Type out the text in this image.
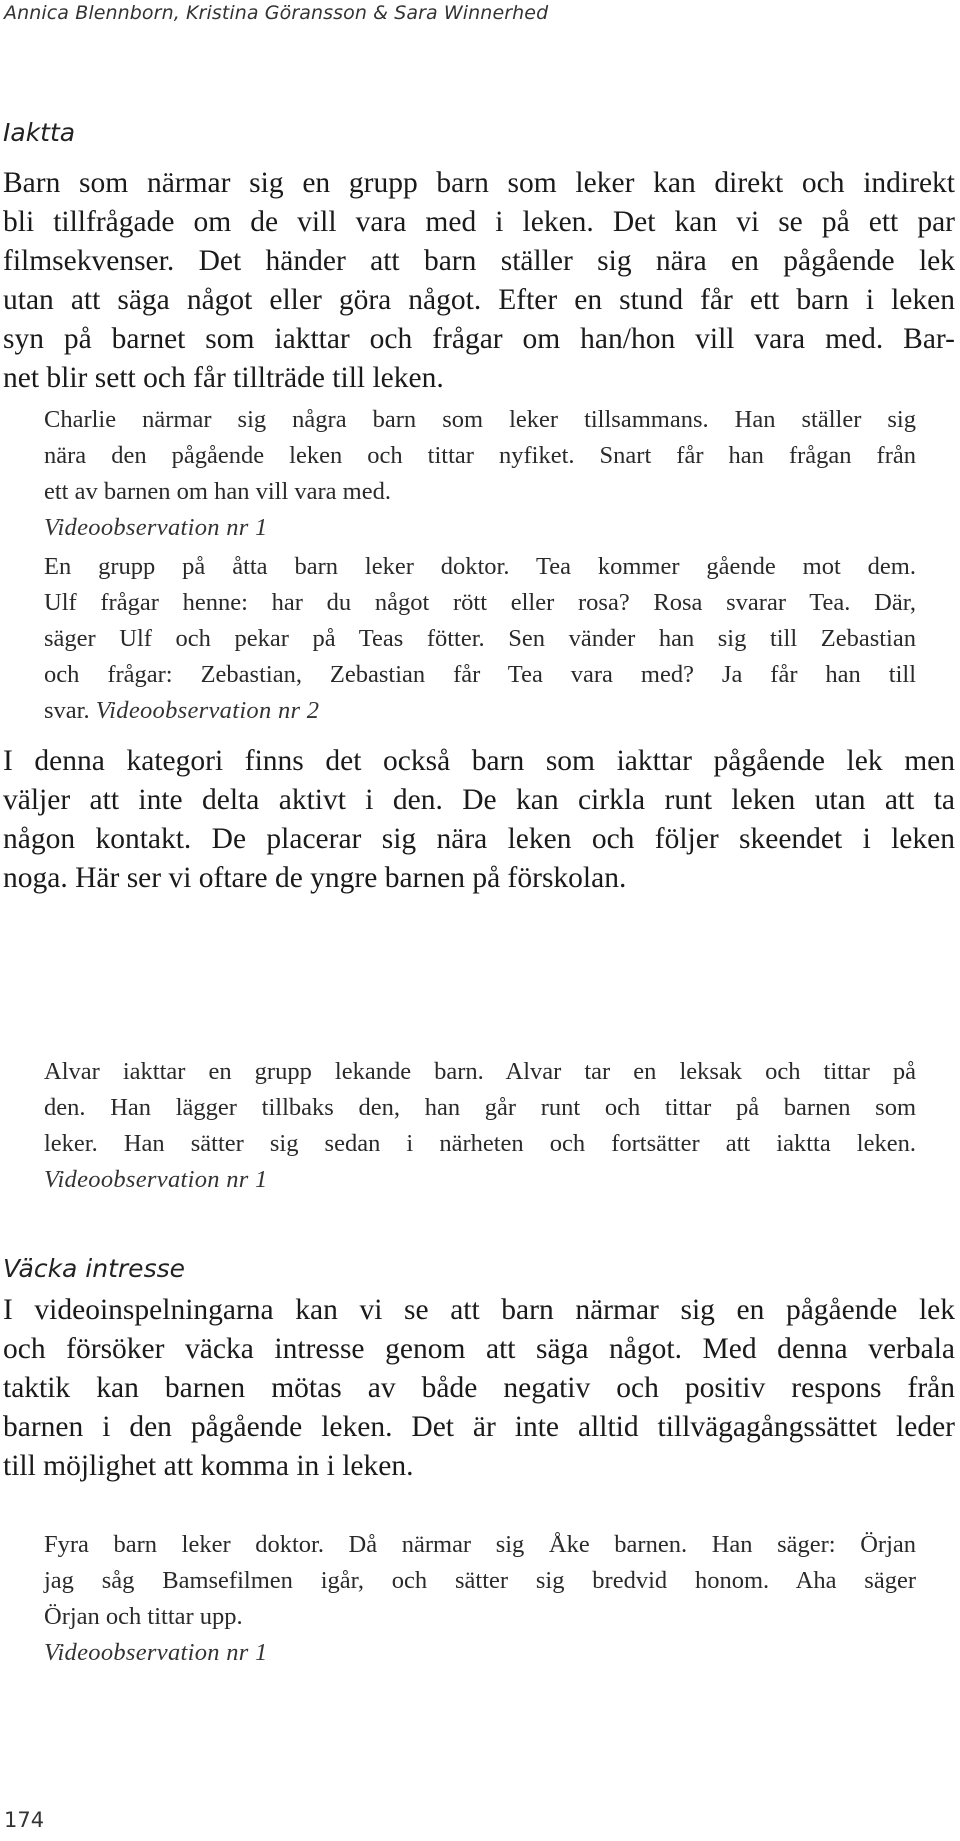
Annica Blennborn, Kristina Göransson & Sara Winnerhed
Iaktta
Barn som närmar sig en grupp barn som leker kan direkt och indirekt
bli tillfrågade om de vill vara med i leken. Det kan vi se på ett par
filmsekvenser. Det händer att barn ställer sig nära en pågående lek
utan att säga något eller göra något. Efter en stund får ett barn i leken
syn på barnet som iakttar och frågar om han/hon vill vara med. Bar-
net blir sett och får tillträde till leken.
Charlie närmar sig några barn som leker tillsammans. Han ställer sig
nära den pågående leken och tittar nyfiket. Snart får han frågan från
ett av barnen om han vill vara med.
Videoobservation nr 1
En grupp på åtta barn leker doktor. Tea kommer gående mot dem.
Ulf frågar henne: har du något rött eller rosa? Rosa svarar Tea. Där,
säger Ulf och pekar på Teas fötter. Sen vänder han sig till Zebastian
och frågar: Zebastian, Zebastian får Tea vara med? Ja får han till
svar. Videoobservation nr 2
I denna kategori finns det också barn som iakttar pågående lek men
väljer att inte delta aktivt i den. De kan cirkla runt leken utan att ta
någon kontakt. De placerar sig nära leken och följer skeendet i leken
noga. Här ser vi oftare de yngre barnen på förskolan.
Alvar iakttar en grupp lekande barn. Alvar tar en leksak och tittar på
den. Han lägger tillbaks den, han går runt och tittar på barnen som
leker. Han sätter sig sedan i närheten och fortsätter att iaktta leken.
Videoobservation nr 1
Väcka intresse
I videoinspelningarna kan vi se att barn närmar sig en pågående lek
och försöker väcka intresse genom att säga något. Med denna verbala
taktik kan barnen mötas av både negativ och positiv respons från
barnen i den pågående leken. Det är inte alltid tillvägagångssättet leder
till möjlighet att komma in i leken.
Fyra barn leker doktor. Då närmar sig Åke barnen. Han säger: Örjan
jag såg Bamsefilmen igår, och sätter sig bredvid honom. Aha säger
Örjan och tittar upp.
Videoobservation nr 1
174
